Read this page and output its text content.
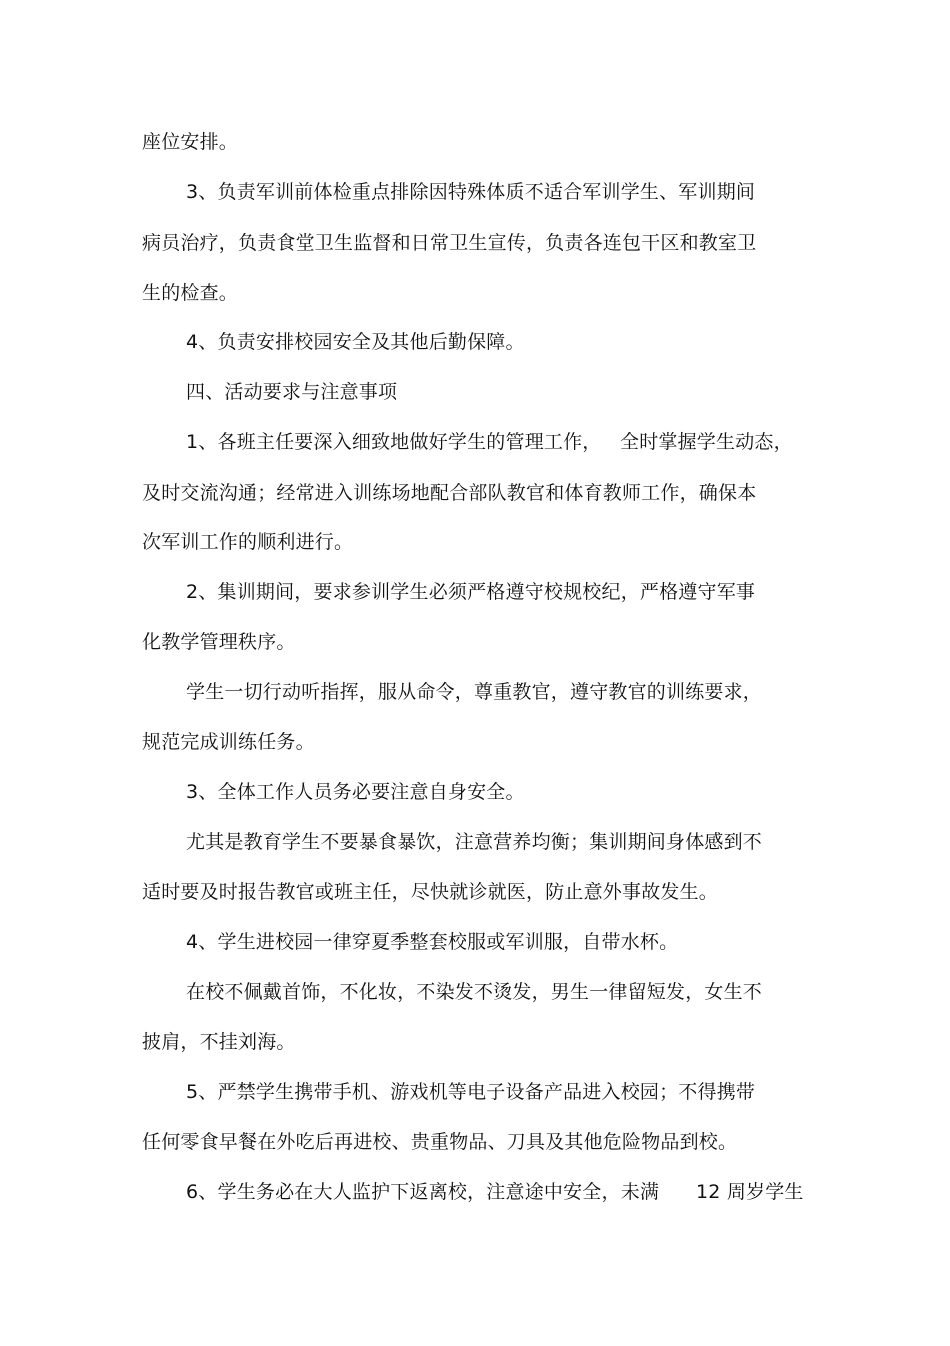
座位安排。
3、负责军训前体检重点排除因特殊体质不适合军训学生、军训期间
病员治疗，负责食堂卫生监督和日常卫生宣传，负责各连包干区和教室卫
生的检查。
4、负责安排校园安全及其他后勤保障。
四、活动要求与注意事项
1、各班主任要深入细致地做好学生的管理工作， 全时掌握学生动态，
及时交流沟通；经常进入训练场地配合部队教官和体育教师工作，确保本
次军训工作的顺利进行。
2、集训期间，要求参训学生必须严格遵守校规校纪，严格遵守军事
化教学管理秩序。
学生一切行动听指挥，服从命令，尊重教官，遵守教官的训练要求，
规范完成训练任务。
3、全体工作人员务必要注意自身安全。
尤其是教育学生不要暴食暴饮，注意营养均衡；集训期间身体感到不
适时要及时报告教官或班主任，尽快就诊就医，防止意外事故发生。
4、学生进校园一律穿夏季整套校服或军训服，自带水杯。
在校不佩戴首饰，不化妆，不染发不烫发，男生一律留短发，女生不
披肩，不挂刘海。
5、严禁学生携带手机、游戏机等电子设备产品进入校园；不得携带
任何零食早餐在外吃后再进校、贵重物品、刀具及其他危险物品到校。
6、学生务必在大人监护下返离校，注意途中安全，未满 12 周岁学生
